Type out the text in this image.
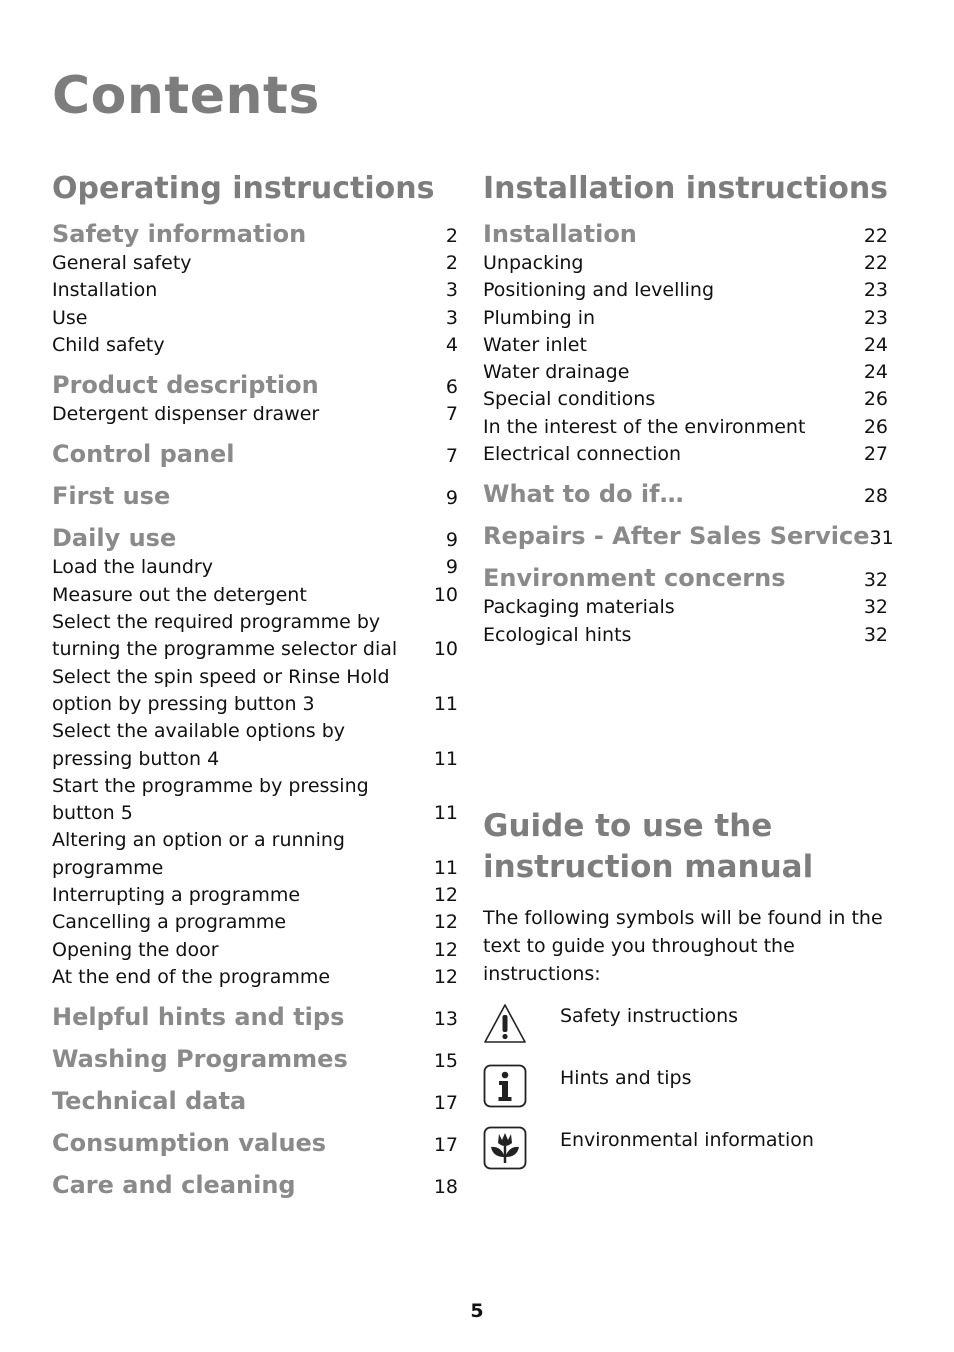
Contents
Operating instructions
Safety information	2
General safety	2
Installation	3
Use	3
Child safety	4
Product description	6
Detergent dispenser drawer	7
Control panel	7
First use	9
Daily use	9
Load the laundry	9
Measure out the detergent	10
Select the required programme by turning the programme selector dial	10
Select the spin speed or Rinse Hold option by pressing button 3	11
Select the available options by pressing button 4	11
Start the programme by pressing button 5	11
Altering an option or a running programme	11
Interrupting a programme	12
Cancelling a programme	12
Opening the door	12
At the end of the programme	12
Helpful hints and tips	13
Washing Programmes	15
Technical data	17
Consumption values	17
Care and cleaning	18
Installation instructions
Installation	22
Unpacking	22
Positioning and levelling	23
Plumbing in	23
Water inlet	24
Water drainage	24
Special conditions	26
In the interest of the environment	26
Electrical connection	27
What to do if…	28
Repairs - After Sales Service 31
Environment concerns	32
Packaging materials	32
Ecological hints	32
Guide to use the
instruction manual
The following symbols will be found in the text to guide you throughout the instructions:
Safety instructions
Hints and tips
Environmental information
5
